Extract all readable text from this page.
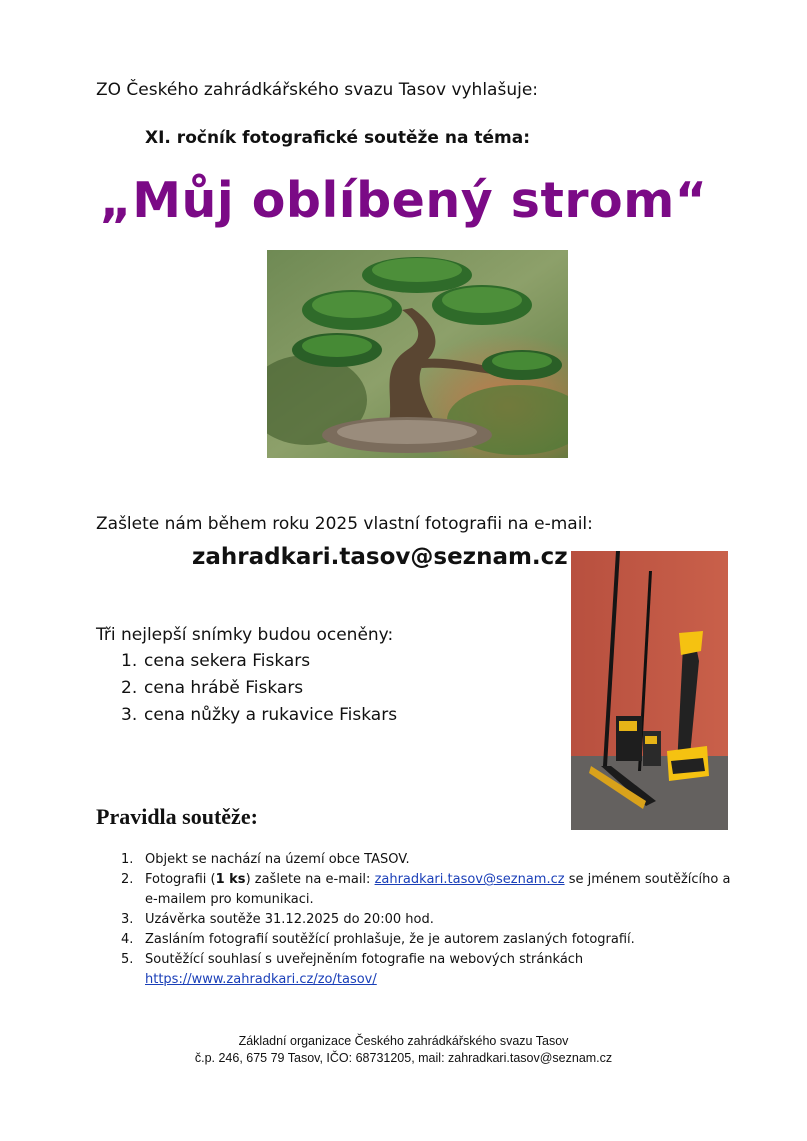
ZO Českého zahrádkářského svazu Tasov vyhlašuje:
XI. ročník fotografické soutěže na téma:
„Můj oblíbený strom“
Zašlete nám během roku 2025 vlastní fotografii na e-mail:
zahradkari.tasov@seznam.cz
Tři nejlepší snímky budou oceněny:
1. cena sekera Fiskars
2. cena hrábě Fiskars
3. cena nůžky a rukavice Fiskars
Pravidla soutěže:
1. Objekt se nachází na území obce TASOV.
2. Fotografii (1 ks) zašlete na e-mail: zahradkari.tasov@seznam.cz se jménem soutěžícího a e-mailem pro komunikaci.
3. Uzávěrka soutěže 31.12.2025 do 20:00 hod.
4. Zasláním fotografií soutěžící prohlašuje, že je autorem zaslaných fotografií.
5. Soutěžící souhlasí s uveřejněním fotografie na webových stránkách
https://www.zahradkari.cz/zo/tasov/
Základní organizace Českého zahrádkářského svazu Tasov
č.p. 246, 675 79 Tasov, IČO: 68731205, mail: zahradkari.tasov@seznam.cz
